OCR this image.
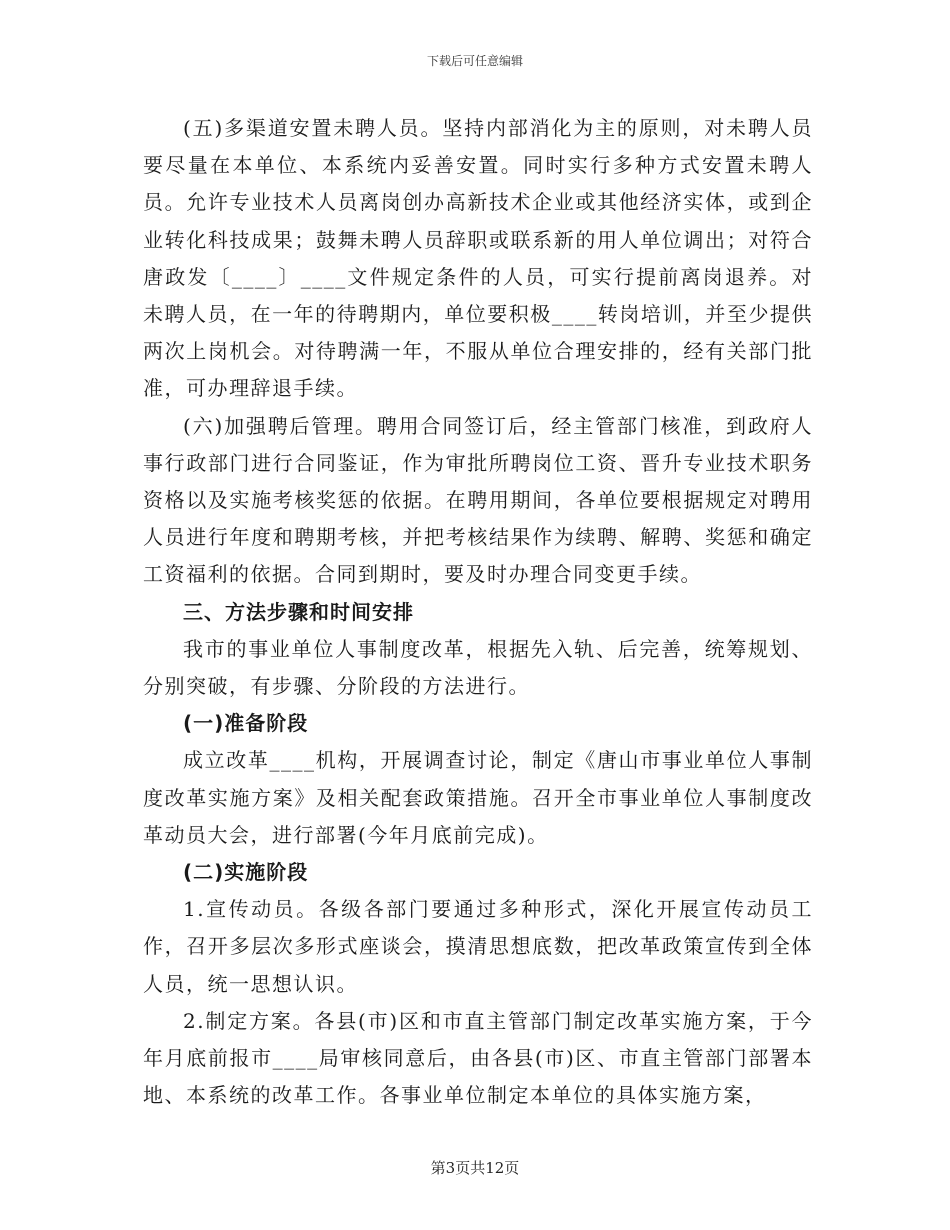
下载后可任意编辑

(五)多渠道安置未聘人员。坚持内部消化为主的原则，对未聘人员要尽量在本单位、本系统内妥善安置。同时实行多种方式安置未聘人员。允许专业技术人员离岗创办高新技术企业或其他经济实体，或到企业转化科技成果；鼓舞未聘人员辞职或联系新的用人单位调出；对符合唐政发〔____〕____文件规定条件的人员，可实行提前离岗退养。对未聘人员，在一年的待聘期内，单位要积极____转岗培训，并至少提供两次上岗机会。对待聘满一年，不服从单位合理安排的，经有关部门批准，可办理辞退手续。

(六)加强聘后管理。聘用合同签订后，经主管部门核准，到政府人事行政部门进行合同鉴证，作为审批所聘岗位工资、晋升专业技术职务资格以及实施考核奖惩的依据。在聘用期间，各单位要根据规定对聘用人员进行年度和聘期考核，并把考核结果作为续聘、解聘、奖惩和确定工资福利的依据。合同到期时，要及时办理合同变更手续。

三、方法步骤和时间安排

我市的事业单位人事制度改革，根据先入轨、后完善，统筹规划、分别突破，有步骤、分阶段的方法进行。

(一)准备阶段

成立改革____机构，开展调查讨论，制定《唐山市事业单位人事制度改革实施方案》及相关配套政策措施。召开全市事业单位人事制度改革动员大会，进行部署(今年月底前完成)。

(二)实施阶段

1.宣传动员。各级各部门要通过多种形式，深化开展宣传动员工作，召开多层次多形式座谈会，摸清思想底数，把改革政策宣传到全体人员，统一思想认识。

2.制定方案。各县(市)区和市直主管部门制定改革实施方案，于今年月底前报市____局审核同意后，由各县(市)区、市直主管部门部署本地、本系统的改革工作。各事业单位制定本单位的具体实施方案，

第3页共12页
